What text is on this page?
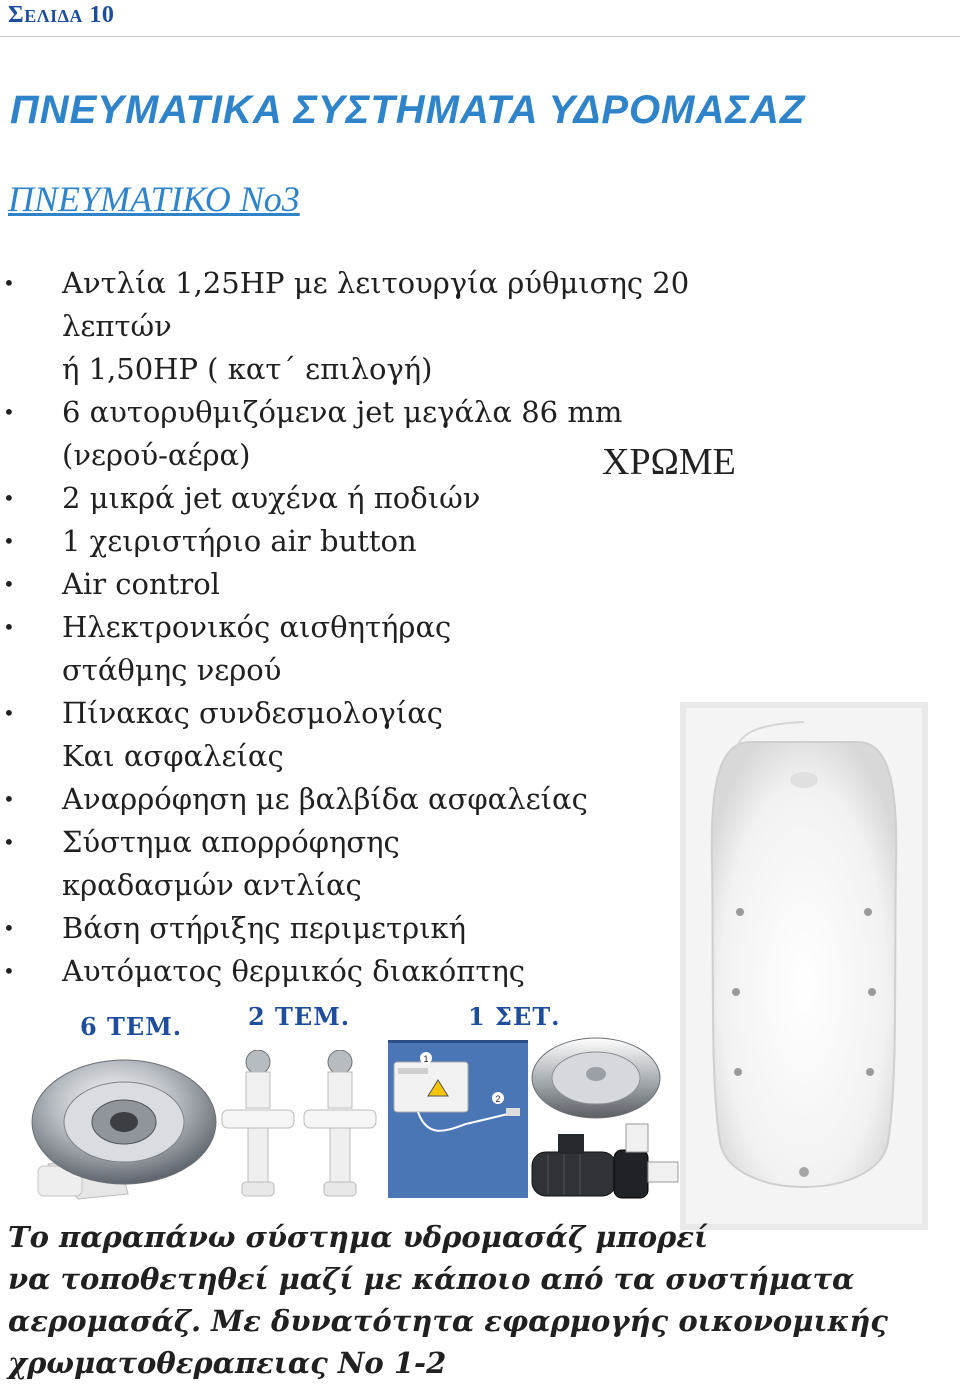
ΣΕΛΙΔΑ 10
ΠΝΕΥΜΑΤΙΚΑ ΣΥΣΤΗΜΑΤΑ ΥΔΡΟΜΑΣΑΖ
ΠΝΕΥΜΑΤΙΚΟ Νο3
• Αντλία 1,25HP με λειτουργία ρύθμισης 20 λεπτών
ή 1,50HP ( κατ΄ επιλογή)
• 6 αυτορυθμιζόμενα jet μεγάλα 86 mm
(νερού-αέρα)
• 2 μικρά jet αυχένα ή ποδιών
• 1 χειριστήριο air button
• Air control
• Ηλεκτρονικός αισθητήρας
στάθμης νερού
• Πίνακας συνδεσμολογίας
Και ασφαλείας
• Αναρρόφηση με βαλβίδα ασφαλείας
• Σύστημα απορρόφησης
κραδασμών αντλίας
• Βάση στήριξης περιμετρική
• Αυτόματος θερμικός διακόπτης
ΧΡΩΜΕ
6 ΤΕΜ.	2 ΤΕΜ.	1 ΣΕΤ.
1
2
Το παραπάνω σύστημα υδρομασάζ μπορεί
να τοποθετηθεί μαζί με κάποιο από τα συστήματα
αερομασάζ. Με δυνατότητα εφαρμογής οικονομικής
χρωματοθεραπειας Νο 1-2
